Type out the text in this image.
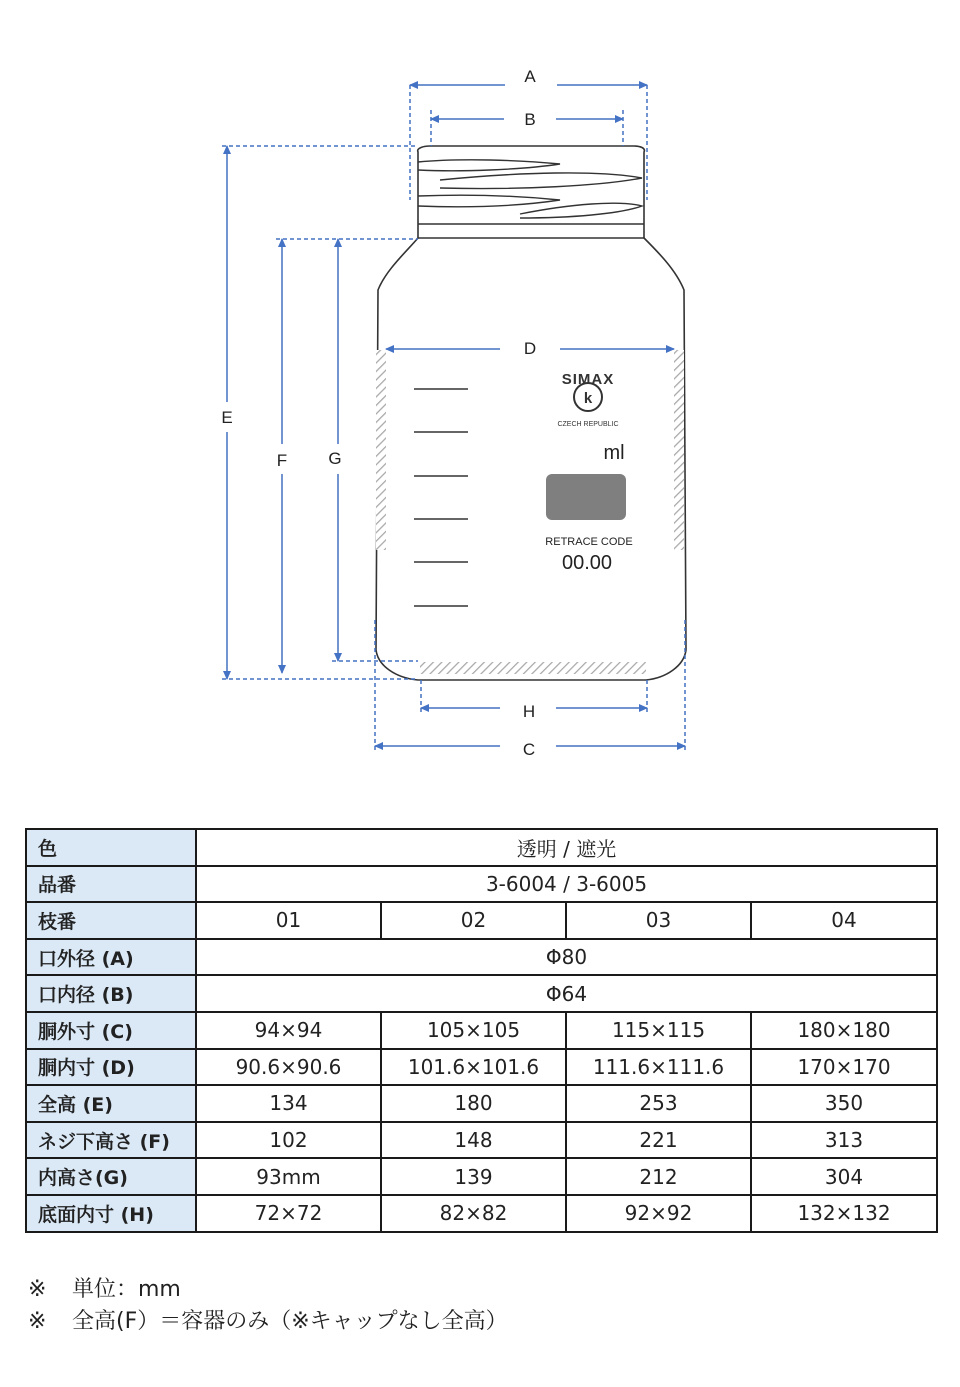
k
SIMAX
CZECH REPUBLIC
ml
RETRACE CODE
00.00
A
B
E
F G
D
H
C
色	透明 / 遮光			
品番	3-6004 / 3-6005			
枝番	01	02	03	04
口外径 (A)	Φ80			
口内径 (B)	Φ64			
胴外寸 (C)	94×94	105×105	115×115	180×180
胴内寸 (D)	90.6×90.6	101.6×101.6	111.6×111.6	170×170
全高 (E)	134	180	253	350
ネジ下高さ (F)	102	148	221	313
内高さ(G)	93mm	139	212	304
底面内寸 (H)	72×72	82×82	92×92	132×132
※ 単位：mm
※ 全高(F）＝容器のみ（※キャップなし全高）
